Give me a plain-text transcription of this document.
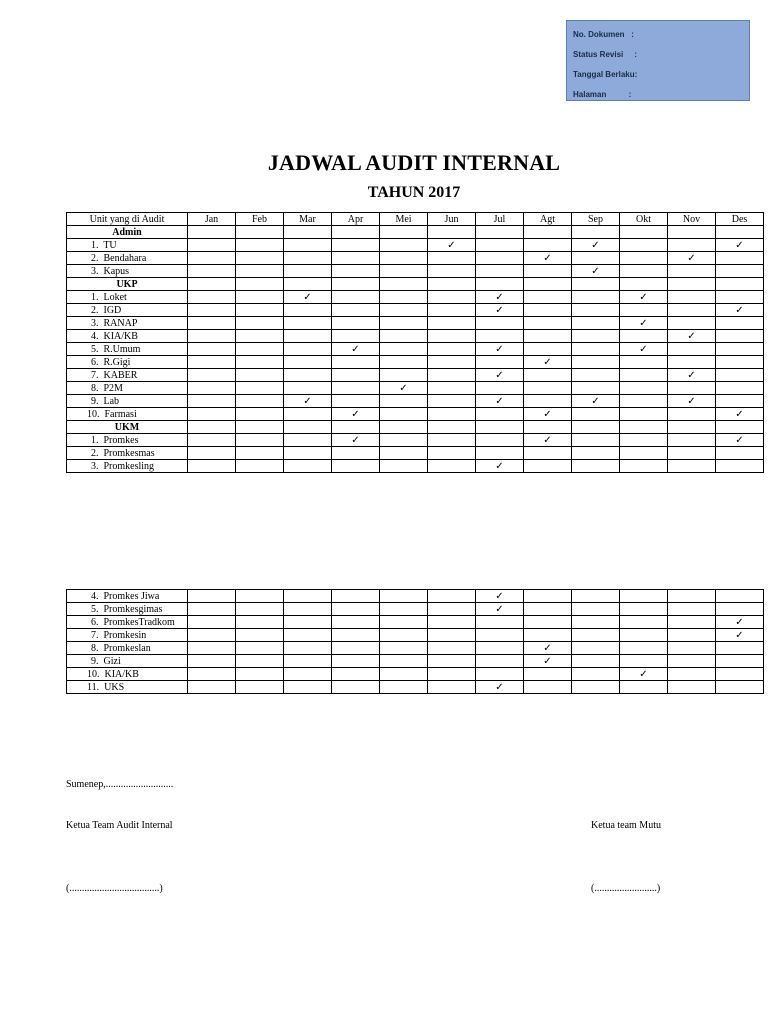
No. Dokumen   :
Status Revisi     :
Tanggal Berlaku:
Halaman          :
JADWAL AUDIT INTERNAL
TAHUN 2017
Unit yang di Audit	Jan	Feb	Mar	Apr	Mei	Jun	Jul	Agt	Sep	Okt	Nov	Des
Admin												
1.  TU						✓			✓			✓
2.  Bendahara								✓			✓	
3.  Kapus									✓			
UKP												
1.  Loket			✓				✓			✓		
2.  IGD							✓					✓
3.  RANAP										✓		
4.  KIA/KB											✓	
5.  R.Umum				✓			✓			✓		
6.  R.Gigi								✓				
7.  KABER							✓				✓	
8.  P2M					✓							
9.  Lab			✓				✓		✓		✓	
10.  Farmasi				✓				✓				✓
UKM												
1.  Promkes				✓				✓				✓
2.  Promkesmas												
3.  Promkesling							✓					
4.  Promkes Jiwa							✓					
5.  Promkesgimas							✓					
6.  PromkesTradkom												✓
7.  Promkesin												✓
8.  Promkeslan								✓				
9.  Gizi								✓				
10.  KIA/KB										✓		
11.  UKS							✓					
Sumenep,...........................
Ketua Team Audit Internal	Ketua team Mutu
(....................................)	(.........................)
